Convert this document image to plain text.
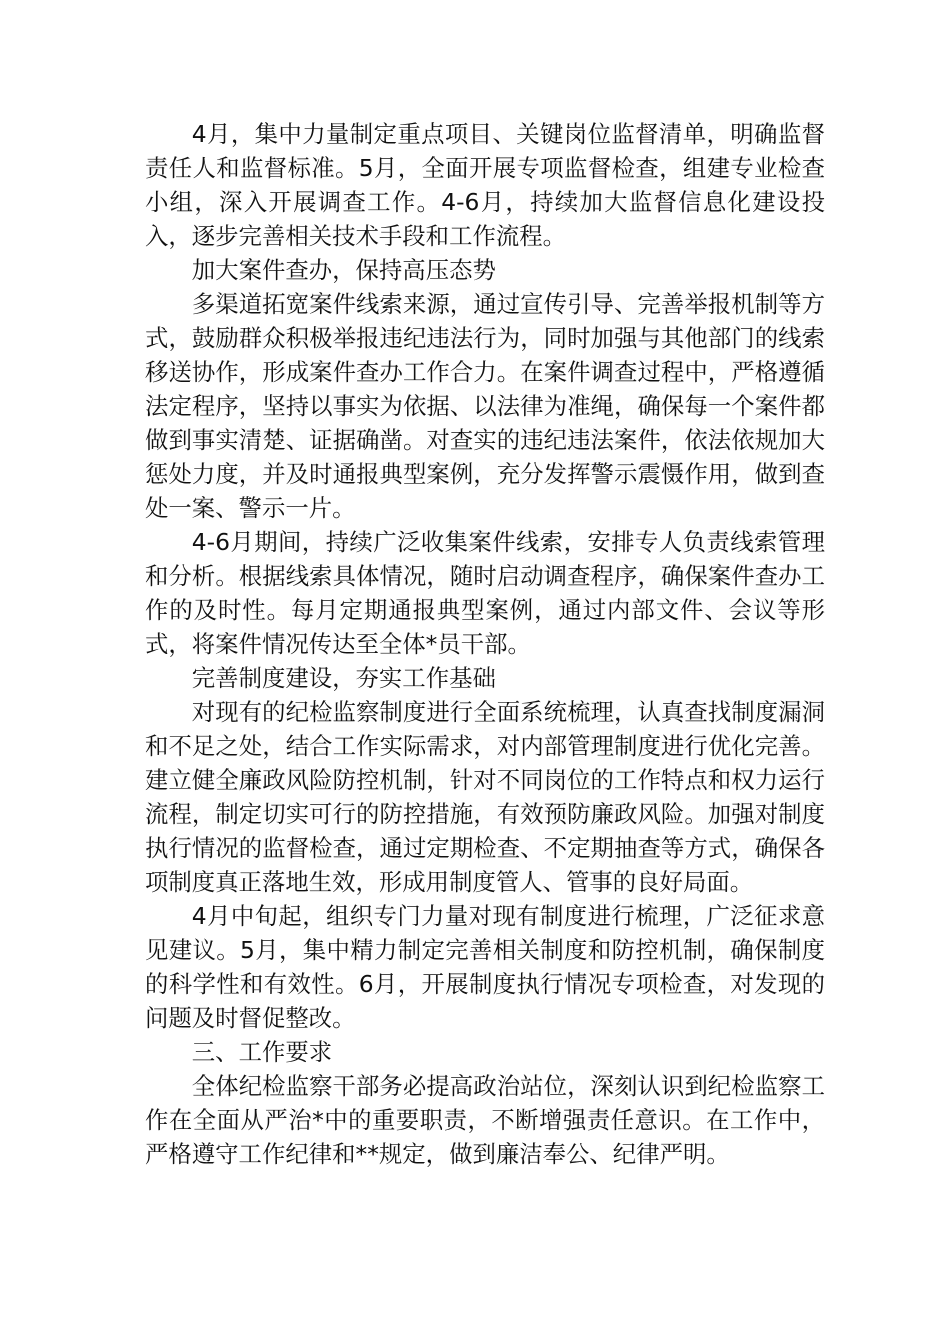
4月，集中力量制定重点项目、关键岗位监督清单，明确监督责任人和监督标准。5月，全面开展专项监督检查，组建专业检查小组，深入开展调查工作。4-6月，持续加大监督信息化建设投入，逐步完善相关技术手段和工作流程。

加大案件查办，保持高压态势

多渠道拓宽案件线索来源，通过宣传引导、完善举报机制等方式，鼓励群众积极举报违纪违法行为，同时加强与其他部门的线索移送协作，形成案件查办工作合力。在案件调查过程中，严格遵循法定程序，坚持以事实为依据、以法律为准绳，确保每一个案件都做到事实清楚、证据确凿。对查实的违纪违法案件，依法依规加大惩处力度，并及时通报典型案例，充分发挥警示震慑作用，做到查处一案、警示一片。

4-6月期间，持续广泛收集案件线索，安排专人负责线索管理和分析。根据线索具体情况，随时启动调查程序，确保案件查办工作的及时性。每月定期通报典型案例，通过内部文件、会议等形式，将案件情况传达至全体*员干部。

完善制度建设，夯实工作基础

对现有的纪检监察制度进行全面系统梳理，认真查找制度漏洞和不足之处，结合工作实际需求，对内部管理制度进行优化完善。建立健全廉政风险防控机制，针对不同岗位的工作特点和权力运行流程，制定切实可行的防控措施，有效预防廉政风险。加强对制度执行情况的监督检查，通过定期检查、不定期抽查等方式，确保各项制度真正落地生效，形成用制度管人、管事的良好局面。

4月中旬起，组织专门力量对现有制度进行梳理，广泛征求意见建议。5月，集中精力制定完善相关制度和防控机制，确保制度的科学性和有效性。6月，开展制度执行情况专项检查，对发现的问题及时督促整改。

三、工作要求

全体纪检监察干部务必提高政治站位，深刻认识到纪检监察工作在全面从严治*中的重要职责，不断增强责任意识。在工作中，严格遵守工作纪律和**规定，做到廉洁奉公、纪律严明。
